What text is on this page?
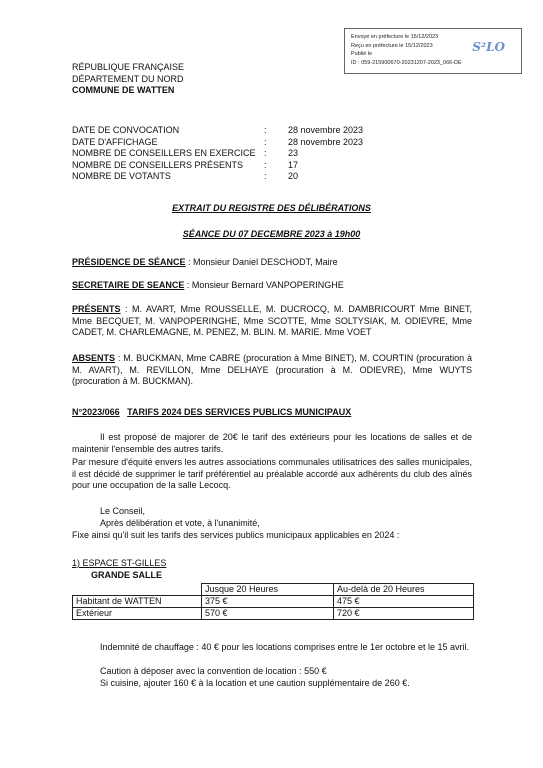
Envoyé en préfecture le 15/12/2023
Reçu en préfecture le 15/12/2023
Publié le
ID : 059-215900670-20231207-2023_066-DE
S²LO
RÉPUBLIQUE FRANÇAISE
DÉPARTEMENT DU NORD
COMMUNE DE WATTEN
DATE DE CONVOCATION	: 28 novembre 2023
DATE D'AFFICHAGE	: 28 novembre 2023
NOMBRE DE CONSEILLERS EN EXERCICE : 23
NOMBRE DE CONSEILLERS PRÉSENTS : 17
NOMBRE DE VOTANTS	: 20
EXTRAIT DU REGISTRE DES DÉLIBÉRATIONS
SÉANCE DU 07 DECEMBRE 2023 à 19h00
PRÉSIDENCE DE SÉANCE : Monsieur Daniel DESCHODT, Maire
SECRETAIRE DE SEANCE : Monsieur Bernard VANPOPERINGHE
PRÉSENTS : M. AVART, Mme ROUSSELLE, M. DUCROCQ, M. DAMBRICOURT Mme BINET, Mme BECQUET, M. VANPOPERINGHE, Mme SCOTTE, Mme SOLTYSIAK, M. ODIEVRE, Mme CADET, M. CHARLEMAGNE, M. PENEZ, M. BLIN. M. MARIE. Mme VOET
ABSENTS : M. BUCKMAN, Mme CABRE (procuration à Mme BINET), M. COURTIN (procuration à M. AVART), M. REVILLON, Mme DELHAYE (procuration à M. ODIEVRE), Mme WUYTS (procuration à M. BUCKMAN).
N°2023/066 TARIFS 2024 DES SERVICES PUBLICS MUNICIPAUX
Il est proposé de majorer de 20€ le tarif des extérieurs pour les locations de salles et de maintenir l'ensemble des autres tarifs.
Par mesure d'équité envers les autres associations communales utilisatrices des salles municipales, il est décidé de supprimer le tarif préférentiel au préalable accordé aux adhérents du club des aînés pour une occupation de la salle Lecocq.
Le Conseil,
Après délibération et vote, à l'unanimité,
Fixe ainsi qu'il suit les tarifs des services publics municipaux applicables en 2024 :
1) ESPACE ST-GILLES
GRANDE SALLE
	Jusque 20 Heures	Au-delà de 20 Heures
Habitant de WATTEN	375 €	475 €
Extérieur	570 €	720 €
Indemnité de chauffage : 40 € pour les locations comprises entre le 1er octobre et le 15 avril.
Caution à déposer avec la convention de location : 550 €
Si cuisine, ajouter 160 € à la location et une caution supplémentaire de 260 €.
